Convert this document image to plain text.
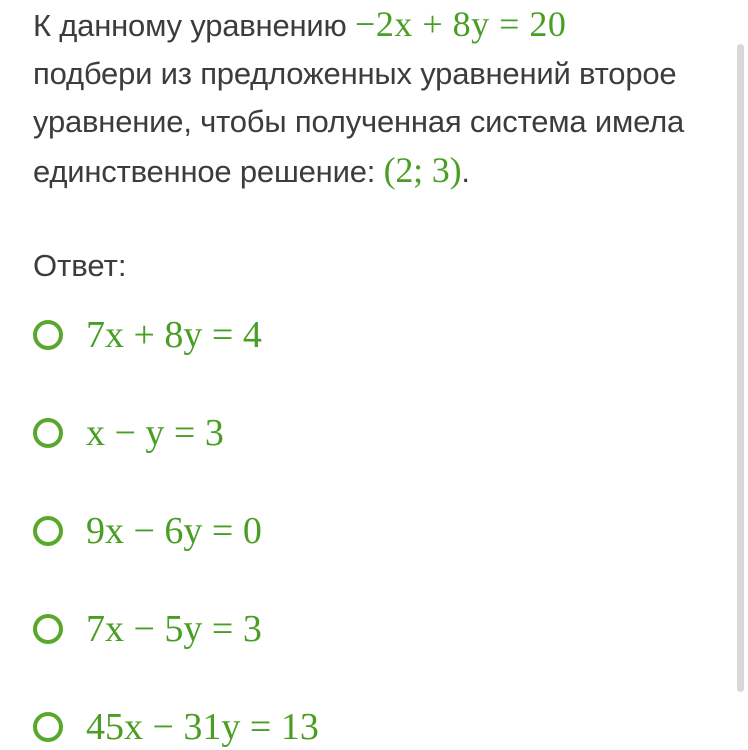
К данному уравнению −2x + 8y = 20
подбери из предложенных уравнений второе
уравнение, чтобы полученная система имела
единственное решение: (2; 3).
Ответ:
7x + 8y = 4
x − y = 3
9x − 6y = 0
7x − 5y = 3
45x − 31y = 13
